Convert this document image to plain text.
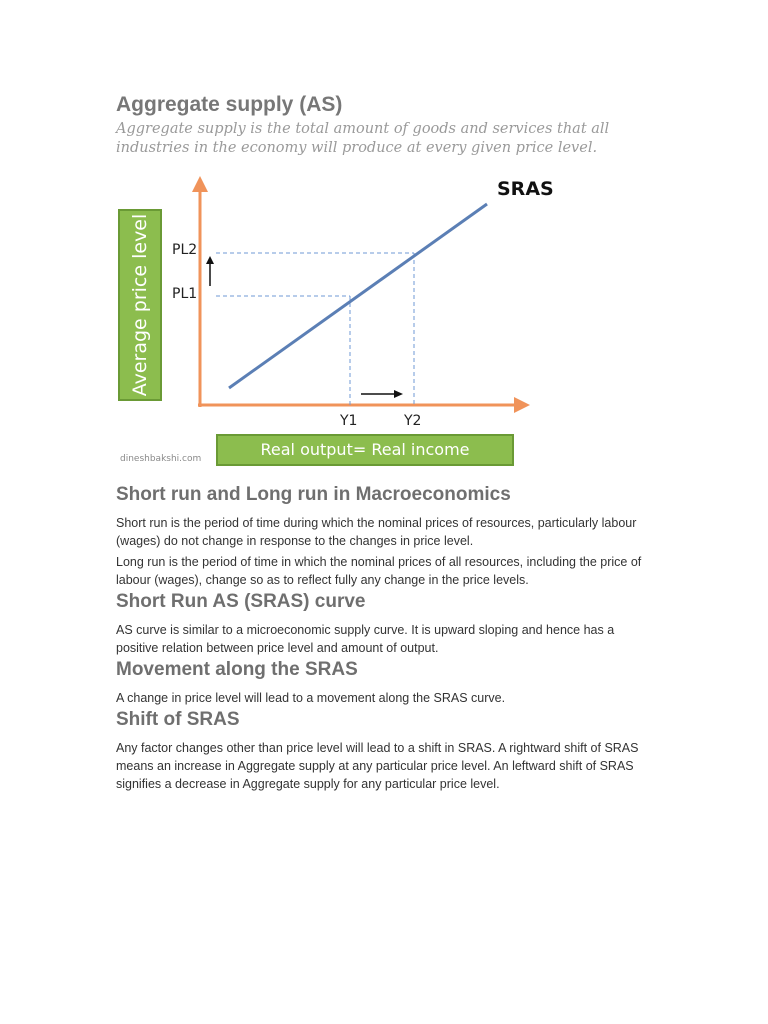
Aggregate supply (AS)
Aggregate supply is the total amount of goods and services that all industries in the economy will produce at every given price level.
Average price level PL2
PL1
Y1	Y2
SRAS
Real output= Real income
dineshbakshi.com
Short run and Long run in Macroeconomics

Short run is the period of time during which the nominal prices of resources, particularly labour (wages) do not change in response to the changes in price level.

Long run is the period of time in which the nominal prices of all resources, including the price of labour (wages), change so as to reflect fully any change in the price levels.

Short Run AS (SRAS) curve

AS curve is similar to a microeconomic supply curve. It is upward sloping and hence has a positive relation between price level and amount of output.

Movement along the SRAS

A change in price level will lead to a movement along the SRAS curve.

Shift of SRAS

Any factor changes other than price level will lead to a shift in SRAS. A rightward shift of SRAS means an increase in Aggregate supply at any particular price level. An leftward shift of SRAS signifies a decrease in Aggregate supply for any particular price level.
